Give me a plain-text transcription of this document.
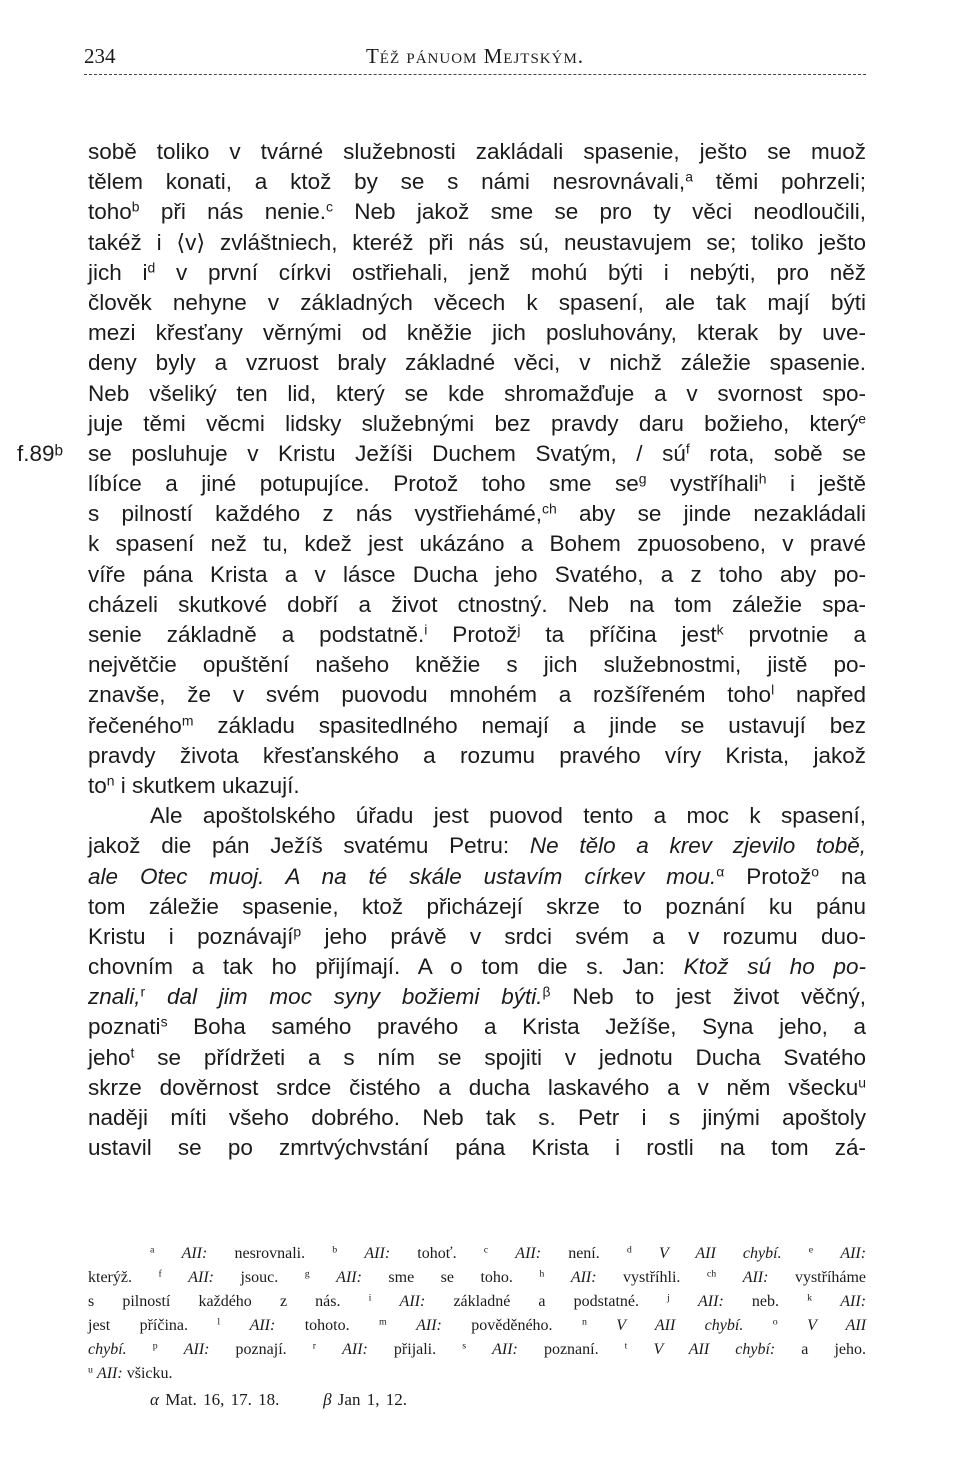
234	Též pánuom Mejtským.
sobě toliko v tvárné služebnosti zakládali spasenie, ješto se muož
tělem konati, a ktož by se s námi nesrovnávali,$^a$ těmi pohrzeli;
toho$^b$ při nás nenie.$^c$ Neb jakož sme se pro ty věci neodloučili,
takéž i ⟨v⟩ zvláštniech, kteréž při nás sú, neustavujem se; toliko ješto
jich $i^d$ v první církvi ostřiehali, jenž mohú býti i nebýti, pro něž
člověk nehyne v základných věcech k spasení, ale tak mají býti
mezi křesťany věrnými od kněžie jich posluhovány, kterak by uve-
deny byly a vzruost braly základné věci, v nichž záležie spasenie.
Neb všeliký ten lid, který se kde shromažďuje a v svornost spo-
juje těmi věcmi lidsky služebnými bez pravdy daru božieho, který$^e$
f.89ᵇ se posluhuje v Kristu Ježíši Duchem Svatým, / $sú^f$ rota, sobě se
líbíce a jiné potupujíce. Protož toho sme $se^g$ vystříhali$^h$ i ještě
s pilností každého z nás vystřiehámé,$^{ch}$ aby se jinde nezakládali
k spasení než tu, kdež jest ukázáno a Bohem zpuosobeno, v pravé
víře pána Krista a v lásce Ducha jeho Svatého, a z toho aby po-
cházeli skutkové dobří a život ctnostný. Neb na tom záležie spa-
senie základně a podstatně.$^i$ Protož$^j$ ta příčina jest$^k$ prvotnie a
největčie opuštění našeho kněžie s jich služebnostmi, jistě po-
znavše, že v svém puovodu mnohém a rozšířeném toho$^l$ napřed
řečeného$^m$ základu spasitedlného nemají a jinde se ustavují bez
pravdy života křesťanského a rozumu pravého víry Krista, jakož
$to^n$ i skutkem ukazují.
Ale apoštolského úřadu jest puovod tento a moc k spasení,
jakož die pán Ježíš svatému Petru: Ne tělo a krev zjevilo tobě,
ale Otec muoj. A na té skále ustavím církev mou.$^\alpha$ Protož$^o$ na
tom záležie spasenie, ktož přicházejí skrze to poznání ku pánu
Kristu i poznávají$^p$ jeho právě v srdci svém a v rozumu duo-
chovním a tak ho přijímají. A o tom die s. Jan: Ktož sú ho po-
znali,$^r$ dal jim moc syny božiemi býti.$^\beta$ Neb to jest život věčný,
poznati$^s$ Boha samého pravého a Krista Ježíše, Syna jeho, a
jeho$^t$ se přídržeti a s ním se spojiti v jednotu Ducha Svatého
skrze dověrnost srdce čistého a ducha laskavého a v něm všecku$^u$
naději míti všeho dobrého. Neb tak s. Petr i s jinými apoštoly
ustavil se po zmrtvýchvstání pána Krista i rostli na tom zá-
$^a$ AII: nesrovnali. $^b$ AII: tohoť. $^c$ AII: není. $^d$ V AII chybí.	$^e$ AII:
kterýž. $^f$ AII: jsouc. $^g$ AII: sme se toho. $^h$ AII: vystříhli. $^{ch}$ AII: vystříháme
s pilností každého z nás. $^i$ AII: základné a podstatné. $^j$ AII: neb. $^k$ AII:
jest příčina. $^l$ AII: tohoto. $^m$ AII: pověděného. $^n$ V AII chybí.	$^o$ V AII
chybí.	$^p$ AII: poznají. $^r$ AII: přijali. $^s$ AII: poznaní. $^t$ V AII chybí: a jeho.
$^u$ AII: všicku.
α Mat. 16, 17. 18.       β Jan 1, 12.
